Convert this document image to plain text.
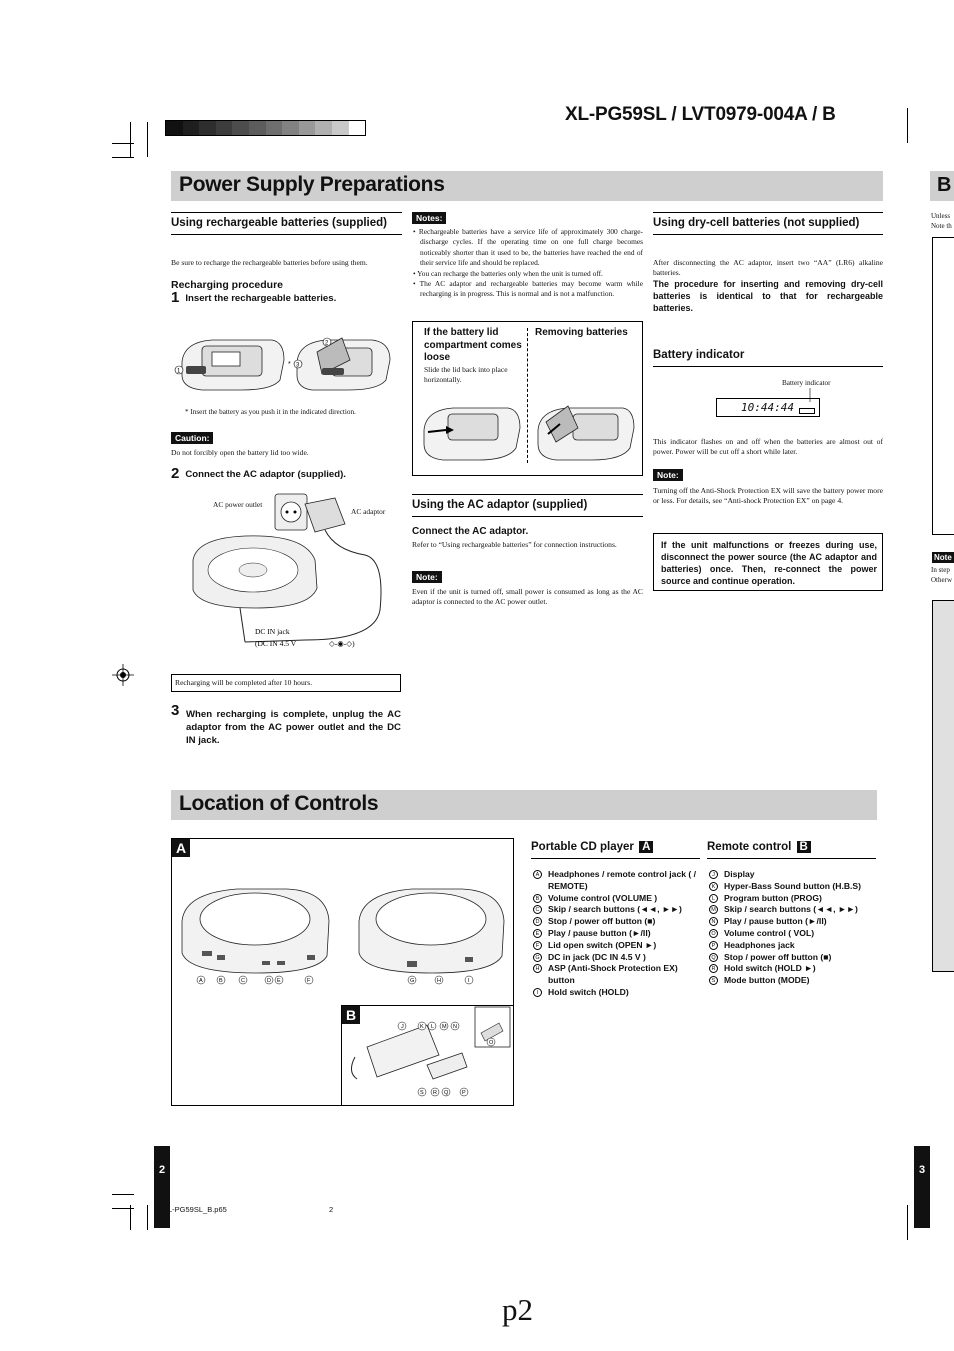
XL-PG59SL / LVT0979-004A / B
Power Supply Preparations
Using rechargeable batteries (supplied)
Be sure to recharge the rechargeable batteries before using them.
Recharging procedure
1 Insert the rechargeable batteries.
1
2
3
*
* Insert the battery as you push it in the indicated direction.
Caution:
Do not forcibly open the battery lid too wide.
2 Connect the AC adaptor (supplied).
DC IN jack
(DC IN 4.5 V	◇-◉-◇)
AC power outlet
AC adaptor
Recharging will be completed after 10 hours.
3 When recharging is complete, unplug the AC adaptor from the AC power outlet and the DC IN jack.
Notes:
• Rechargeable batteries have a service life of approximately 300 charge-discharge cycles. If the operating time on one full charge becomes noticeably shorter than it used to be, the batteries have reached the end of their service life and should be replaced.
• You can recharge the batteries only when the unit is turned off.
• The AC adaptor and rechargeable batteries may become warm while recharging is in progress. This is normal and is not a malfunction.
If the battery lid compartment comes loose
Slide the lid back into place horizontally.
Removing batteries
Using the AC adaptor (supplied)
Connect the AC adaptor.
Refer to “Using rechargeable batteries” for connection instructions.
Note:
Even if the unit is turned off, small power is consumed as long as the AC adaptor is connected to the AC power outlet.
Using dry-cell batteries (not supplied)
After disconnecting the AC adaptor, insert two “AA” (LR6) alkaline batteries.
The procedure for inserting and removing dry-cell batteries is identical to that for rechargeable batteries.
Battery indicator
Battery indicator
10:44:44
This indicator flashes on and off when the batteries are almost out of power. Power will be cut off a short while later.
Note:
Turning off the Anti-Shock Protection EX will save the battery power more or less. For details, see “Anti-shock Protection EX” on page 4.
If the unit malfunctions or freezes during use, disconnect the power source (the AC adaptor and batteries) once. Then, re-connect the power source and continue operation.
Location of Controls
A
B
A	B	C	D E	F	G	H	I
J	K L M N
O
S R Q P
Portable CD player A
A	Headphones / remote control jack ( / REMOTE)
B	Volume control (VOLUME )
C Skip / search buttons (◄◄, ►►)
D Stop / power off button (■)
E	Play / pause button (►/II)
F	Lid open switch (OPEN ►)
G DC in jack (DC IN 4.5 V )
H ASP (Anti-Shock Protection EX) button
I	Hold switch (HOLD)
Remote control B
J	Display
K	Hyper-Bass Sound button (H.B.S)
L	Program button (PROG)
M Skip / search buttons (◄◄, ►►)
N Play / pause button (►/II)
O Volume control ( VOL)
P	Headphones jack
Q Stop / power off button (■)
R Hold switch (HOLD ►)
S	Mode button (MODE)
2	3
XL-PG59SL_B.p65	2
p2
B
Unless
Note th
Note
In step
Otherw
